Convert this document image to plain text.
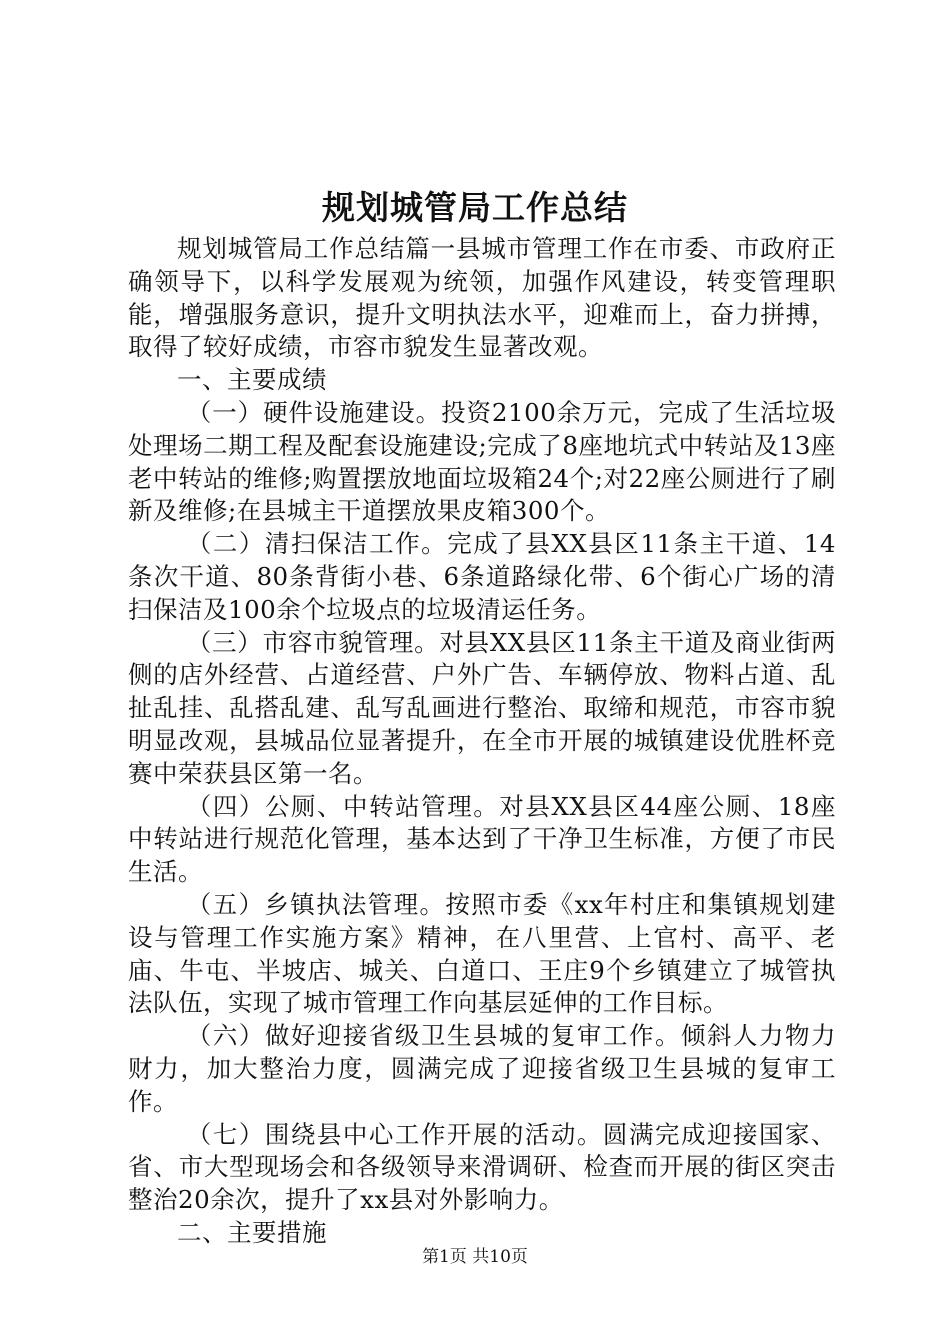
规划城管局工作总结

规划城管局工作总结篇一县城市管理工作在市委、市政府正确领导下，以科学发展观为统领，加强作风建设，转变管理职能，增强服务意识，提升文明执法水平，迎难而上，奋力拼搏，取得了较好成绩，市容市貌发生显著改观。

一、主要成绩

（一）硬件设施建设。投资2100余万元，完成了生活垃圾处理场二期工程及配套设施建设;完成了8座地坑式中转站及13座老中转站的维修;购置摆放地面垃圾箱24个;对22座公厕进行了刷新及维修;在县城主干道摆放果皮箱300个。

（二）清扫保洁工作。完成了县XX县区11条主干道、14条次干道、80条背街小巷、6条道路绿化带、6个街心广场的清扫保洁及100余个垃圾点的垃圾清运任务。

（三）市容市貌管理。对县XX县区11条主干道及商业街两侧的店外经营、占道经营、户外广告、车辆停放、物料占道、乱扯乱挂、乱搭乱建、乱写乱画进行整治、取缔和规范，市容市貌明显改观，县城品位显著提升，在全市开展的城镇建设优胜杯竞赛中荣获县区第一名。

（四）公厕、中转站管理。对县XX县区44座公厕、18座中转站进行规范化管理，基本达到了干净卫生标准，方便了市民生活。

（五）乡镇执法管理。按照市委《xx年村庄和集镇规划建设与管理工作实施方案》精神，在八里营、上官村、高平、老庙、牛屯、半坡店、城关、白道口、王庄9个乡镇建立了城管执法队伍，实现了城市管理工作向基层延伸的工作目标。

（六）做好迎接省级卫生县城的复审工作。倾斜人力物力财力，加大整治力度，圆满完成了迎接省级卫生县城的复审工作。

（七）围绕县中心工作开展的活动。圆满完成迎接国家、省、市大型现场会和各级领导来滑调研、检查而开展的街区突击整治20余次，提升了xx县对外影响力。

二、主要措施

第1页 共10页
